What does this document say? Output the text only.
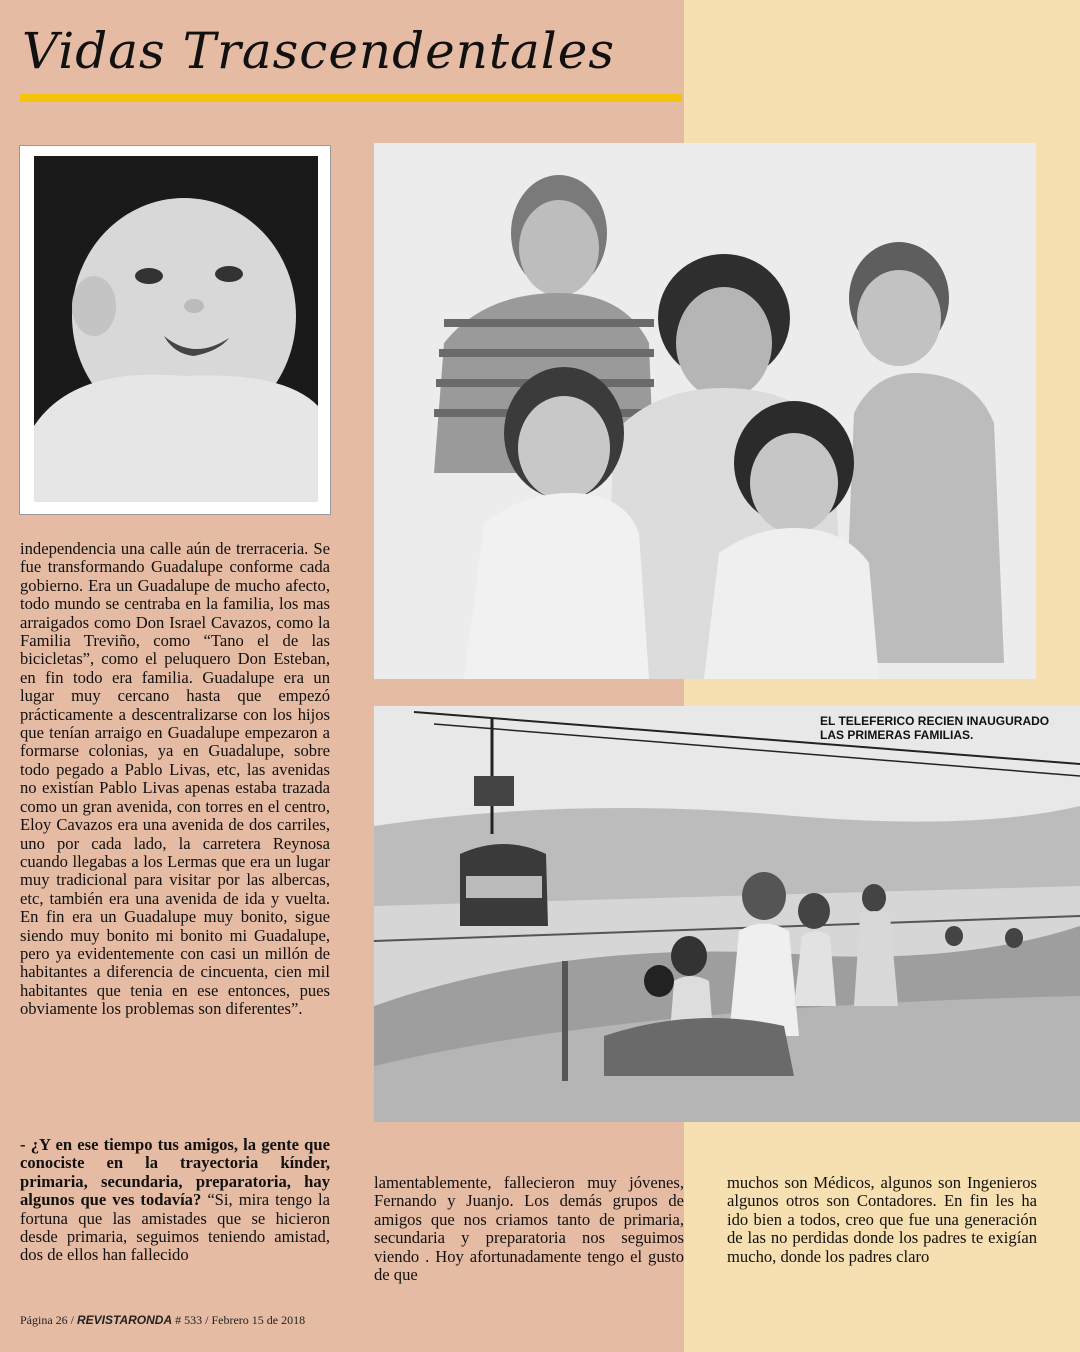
Vidas Trascendentales
EL TELEFERICO RECIEN INAUGURADO
LAS PRIMERAS FAMILIAS.

independencia una calle aún de trerraceria. Se fue transformando Guadalupe conforme cada gobierno. Era un Guadalupe de mucho afecto, todo mundo se centraba en la familia, los mas arraigados como Don Israel Cavazos, como la Familia Treviño, como “Tano el de las bicicletas”, como el peluquero Don Esteban, en fin todo era familia. Guadalupe era un lugar muy cercano hasta que empezó prácticamente a descentralizarse con los hijos que tenían arraigo en Guadalupe empezaron a formarse colonias, ya en Guadalupe, sobre todo pegado a Pablo Livas, etc, las avenidas no existían Pablo Livas apenas estaba trazada como un gran avenida, con torres en el centro, Eloy Cavazos era una avenida de dos carriles, uno por cada lado, la carretera Reynosa cuando llegabas a los Lermas que era un lugar muy tradicional para visitar por las albercas, etc, también era una avenida de ida y vuelta. En fin era un Guadalupe muy bonito, sigue siendo muy bonito mi bonito mi Guadalupe, pero ya evidentemente con casi un millón de habitantes a diferencia de cincuenta, cien mil habitantes que tenia en ese entonces, pues obviamente los problemas son diferentes”.

- ¿Y en ese tiempo tus amigos, la gente que conociste en la trayectoria kínder, primaria, secundaria, preparatoria, hay algunos que ves todavía? “Si, mira tengo la fortuna que las amistades que se hicieron desde primaria, seguimos teniendo amistad, dos de ellos han fallecido

lamentablemente, fallecieron muy jóvenes, Fernando y Juanjo. Los demás grupos de amigos que nos criamos tanto de primaria, secundaria y preparatoria nos seguimos viendo . Hoy afortunadamente tengo el gusto de que

muchos son Médicos, algunos son Ingenieros algunos otros son Contadores. En fin les ha ido bien a todos, creo que fue una generación de las no perdidas donde los padres te exigían mucho, donde los padres claro

Página 26 / REVISTARONDA # 533 / Febrero 15 de 2018
